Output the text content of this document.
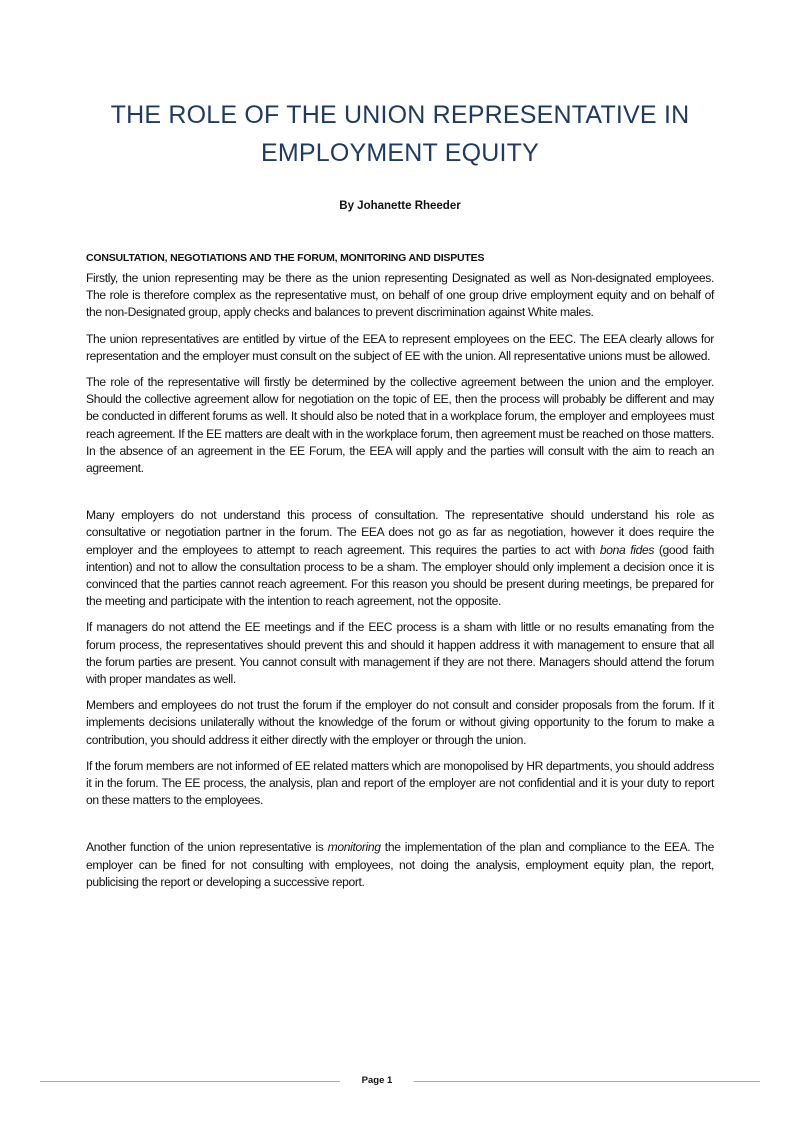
THE ROLE OF THE UNION REPRESENTATIVE IN EMPLOYMENT EQUITY

By Johanette Rheeder

CONSULTATION, NEGOTIATIONS AND THE FORUM, MONITORING AND DISPUTES

Firstly, the union representing may be there as the union representing Designated as well as Non-designated employees. The role is therefore complex as the representative must, on behalf of one group drive employment equity and on behalf of the non-Designated group, apply checks and balances to prevent discrimination against White males.

The union representatives are entitled by virtue of the EEA to represent employees on the EEC. The EEA clearly allows for representation and the employer must consult on the subject of EE with the union. All representative unions must be allowed.

The role of the representative will firstly be determined by the collective agreement between the union and the employer. Should the collective agreement allow for negotiation on the topic of EE, then the process will probably be different and may be conducted in different forums as well. It should also be noted that in a workplace forum, the employer and employees must reach agreement. If the EE matters are dealt with in the workplace forum, then agreement must be reached on those matters. In the absence of an agreement in the EE Forum, the EEA will apply and the parties will consult with the aim to reach an agreement.

Many employers do not understand this process of consultation. The representative should understand his role as consultative or negotiation partner in the forum. The EEA does not go as far as negotiation, however it does require the employer and the employees to attempt to reach agreement. This requires the parties to act with bona fides (good faith intention) and not to allow the consultation process to be a sham. The employer should only implement a decision once it is convinced that the parties cannot reach agreement. For this reason you should be present during meetings, be prepared for the meeting and participate with the intention to reach agreement, not the opposite.

If managers do not attend the EE meetings and if the EEC process is a sham with little or no results emanating from the forum process, the representatives should prevent this and should it happen address it with management to ensure that all the forum parties are present. You cannot consult with management if they are not there. Managers should attend the forum with proper mandates as well.

Members and employees do not trust the forum if the employer do not consult and consider proposals from the forum. If it implements decisions unilaterally without the knowledge of the forum or without giving opportunity to the forum to make a contribution, you should address it either directly with the employer or through the union.

If the forum members are not informed of EE related matters which are monopolised by HR departments, you should address it in the forum. The EE process, the analysis, plan and report of the employer are not confidential and it is your duty to report on these matters to the employees.

Another function of the union representative is monitoring the implementation of the plan and compliance to the EEA. The employer can be fined for not consulting with employees, not doing the analysis, employment equity plan, the report, publicising the report or developing a successive report.

Page 1
